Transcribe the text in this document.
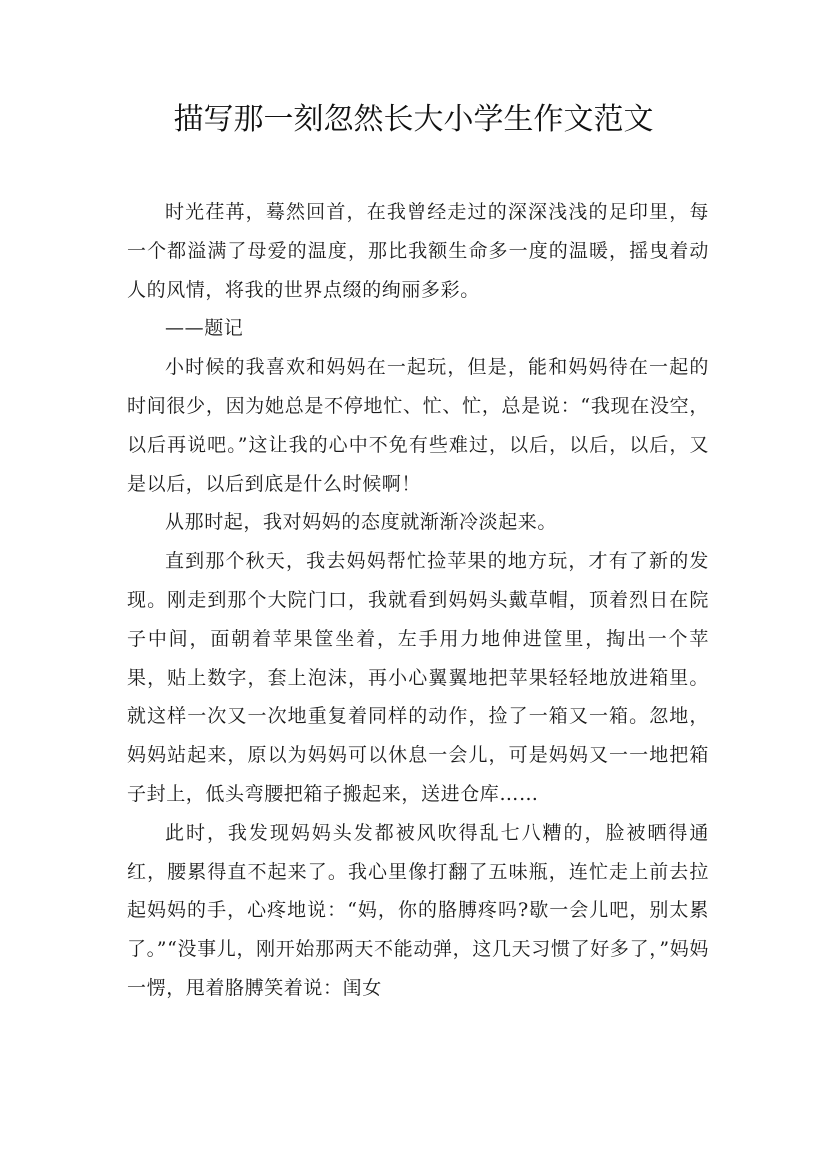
描写那一刻忽然长大小学生作文范文

时光荏苒，蓦然回首，在我曾经走过的深深浅浅的足印里，每一个都溢满了母爱的温度，那比我额生命多一度的温暖，摇曳着动人的风情，将我的世界点缀的绚丽多彩。

——题记

小时候的我喜欢和妈妈在一起玩，但是，能和妈妈待在一起的时间很少，因为她总是不停地忙、忙、忙，总是说：“我现在没空，以后再说吧。”这让我的心中不免有些难过，以后，以后，以后，又是以后，以后到底是什么时候啊！

从那时起，我对妈妈的态度就渐渐冷淡起来。

直到那个秋天，我去妈妈帮忙捡苹果的地方玩，才有了新的发现。刚走到那个大院门口，我就看到妈妈头戴草帽，顶着烈日在院子中间，面朝着苹果筐坐着，左手用力地伸进筐里，掏出一个苹果，贴上数字，套上泡沫，再小心翼翼地把苹果轻轻地放进箱里。就这样一次又一次地重复着同样的动作，捡了一箱又一箱。忽地，妈妈站起来，原以为妈妈可以休息一会儿，可是妈妈又一一地把箱子封上，低头弯腰把箱子搬起来，送进仓库……

此时，我发现妈妈头发都被风吹得乱七八糟的，脸被晒得通红，腰累得直不起来了。我心里像打翻了五味瓶，连忙走上前去拉起妈妈的手，心疼地说：“妈，你的胳膊疼吗?歇一会儿吧，别太累了。”“没事儿，刚开始那两天不能动弹，这几天习惯了好多了，”妈妈一愣，甩着胳膊笑着说：闺女
